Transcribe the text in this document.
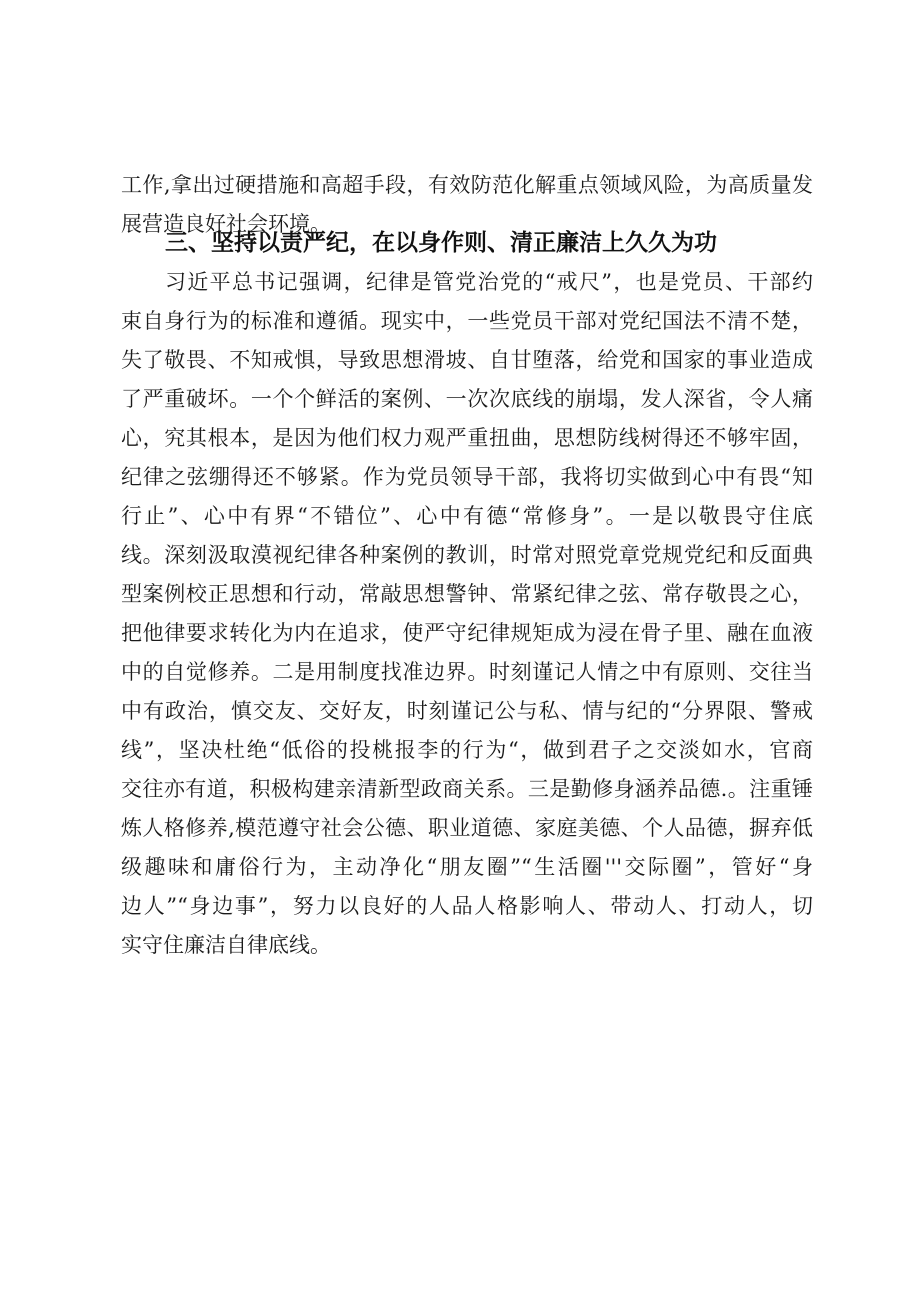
工作,拿出过硬措施和高超手段，有效防范化解重点领域风险，为高质量发
展营造良好社会环境。
三、坚持以责严纪，在以身作则、清正廉洁上久久为功
习近平总书记强调，纪律是管党治党的“戒尺”，也是党员、干部约
束自身行为的标准和遵循。现实中，一些党员干部对党纪国法不清不楚，
失了敬畏、不知戒惧，导致思想滑坡、自甘堕落，给党和国家的事业造成
了严重破坏。一个个鲜活的案例、一次次底线的崩塌，发人深省，令人痛
心，究其根本，是因为他们权力观严重扭曲，思想防线树得还不够牢固，
纪律之弦绷得还不够紧。作为党员领导干部，我将切实做到心中有畏“知
行止”、心中有界“不错位”、心中有德“常修身”。一是以敬畏守住底
线。深刻汲取漠视纪律各种案例的教训，时常对照党章党规党纪和反面典
型案例校正思想和行动，常敲思想警钟、常紧纪律之弦、常存敬畏之心，
把他律要求转化为内在追求，使严守纪律规矩成为浸在骨子里、融在血液
中的自觉修养。二是用制度找准边界。时刻谨记人情之中有原则、交往当
中有政治，慎交友、交好友，时刻谨记公与私、情与纪的“分界限、警戒
线”，坚决杜绝“低俗的投桃报李的行为“，做到君子之交淡如水，官商
交往亦有道，积极构建亲清新型政商关系。三是勤修身涵养品德.。注重锤
炼人格修养,模范遵守社会公德、职业道德、家庭美德、个人品德，摒弃低
级趣味和庸俗行为，主动净化“朋友圈”“生活圈'''交际圈”，管好“身
边人”“身边事”，努力以良好的人品人格影响人、带动人、打动人，切
实守住廉洁自律底线。
